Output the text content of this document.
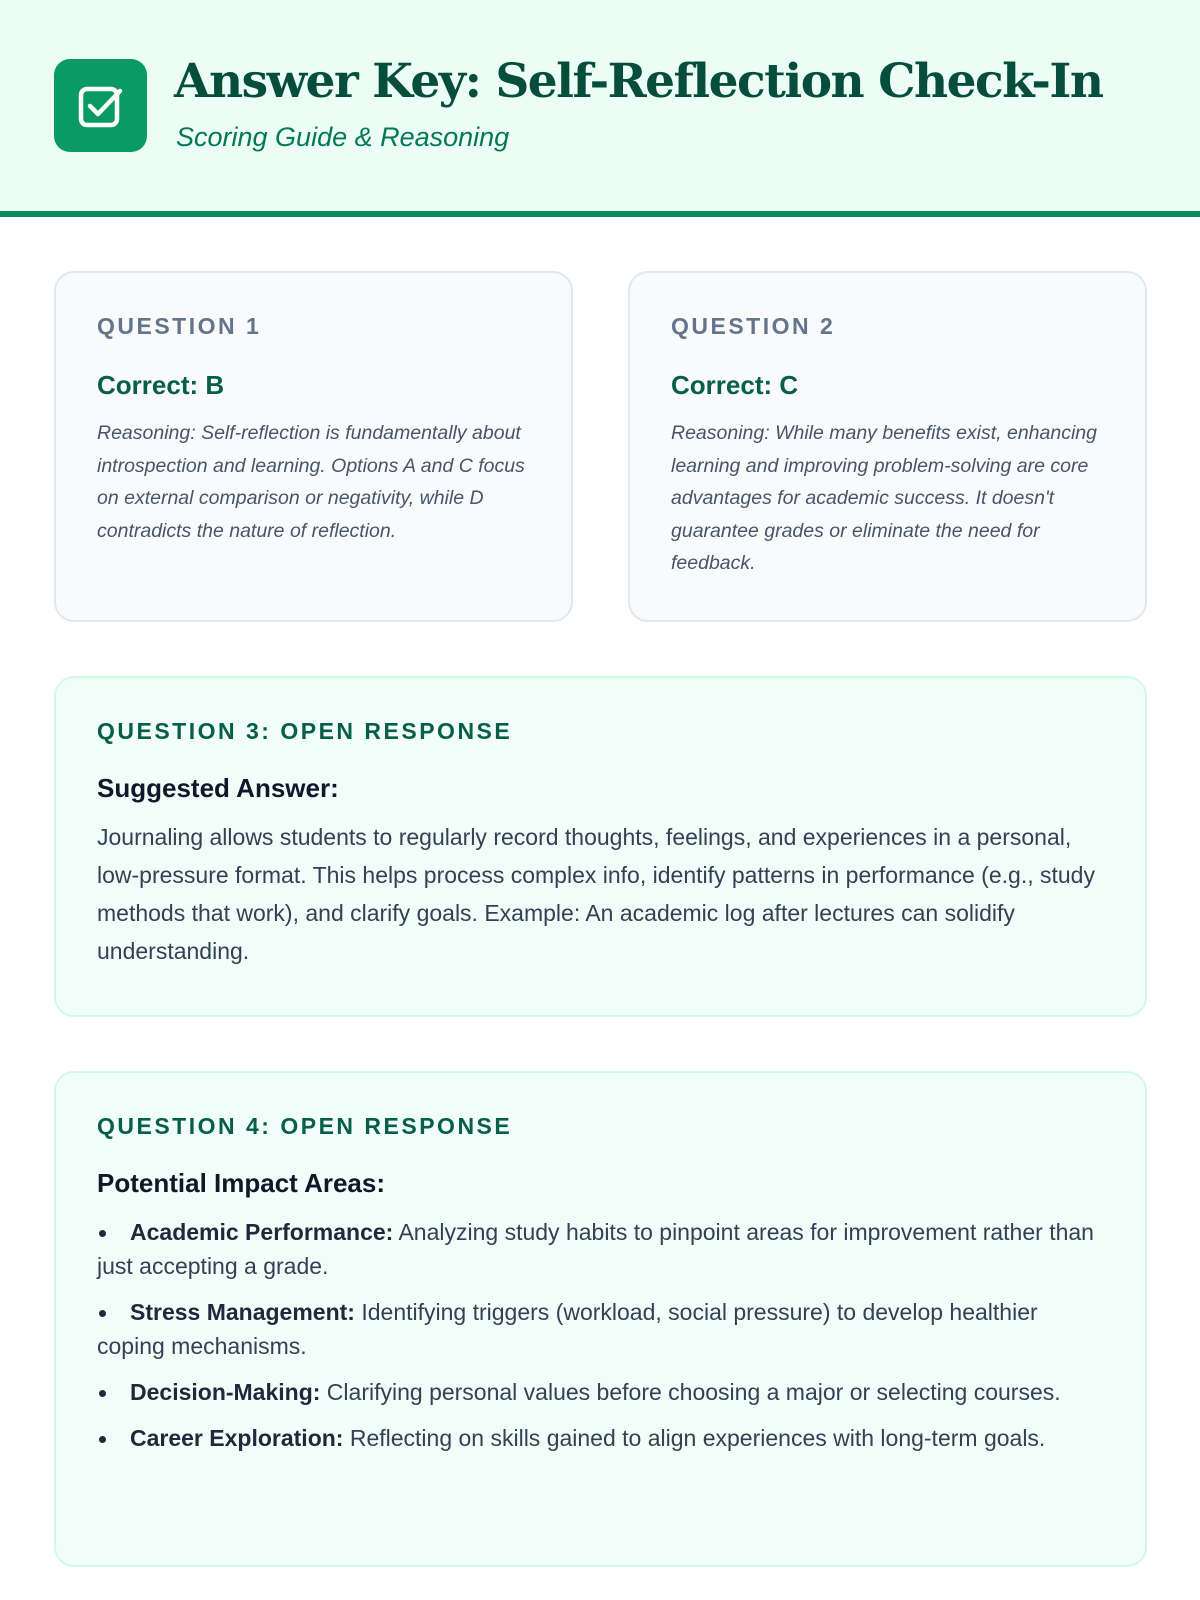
Answer Key: Self-Reflection Check-In
Scoring Guide & Reasoning
QUESTION 1
Correct: B
Reasoning: Self-reflection is fundamentally about introspection and learning. Options A and C focus on external comparison or negativity, while D contradicts the nature of reflection.
QUESTION 2
Correct: C
Reasoning: While many benefits exist, enhancing learning and improving problem-solving are core advantages for academic success. It doesn't guarantee grades or eliminate the need for feedback.
QUESTION 3: OPEN RESPONSE
Suggested Answer:
Journaling allows students to regularly record thoughts, feelings, and experiences in a personal, low-pressure format. This helps process complex info, identify patterns in performance (e.g., study methods that work), and clarify goals. Example: An academic log after lectures can solidify understanding.
QUESTION 4: OPEN RESPONSE
Potential Impact Areas:
Academic Performance: Analyzing study habits to pinpoint areas for improvement rather than just accepting a grade.
Stress Management: Identifying triggers (workload, social pressure) to develop healthier coping mechanisms.
Decision-Making: Clarifying personal values before choosing a major or selecting courses.
Career Exploration: Reflecting on skills gained to align experiences with long-term goals.
